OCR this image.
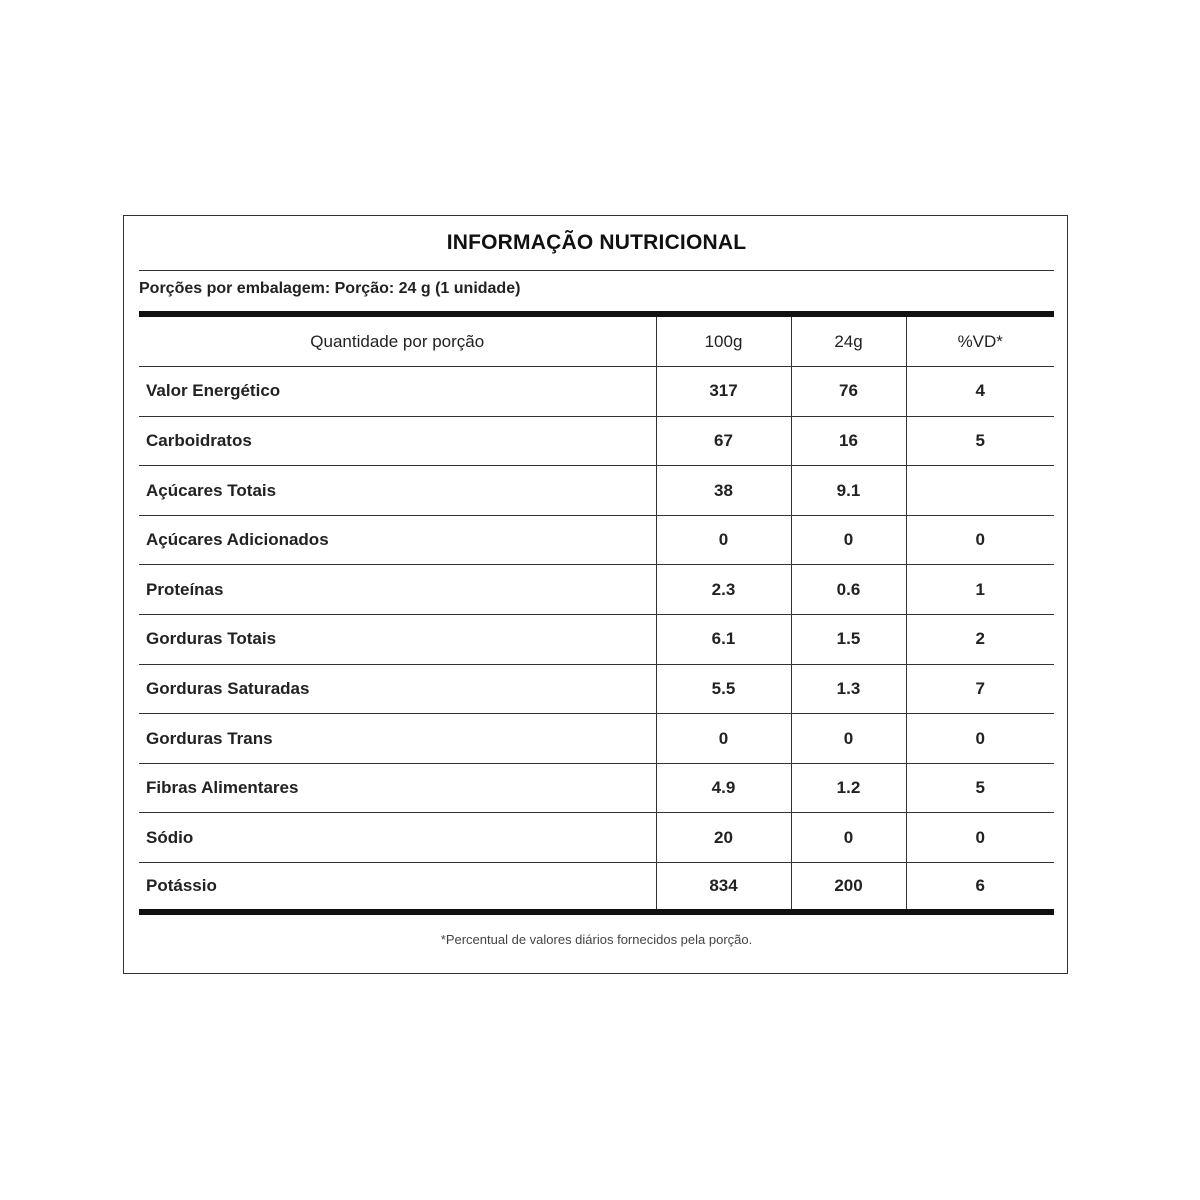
INFORMAÇÃO NUTRICIONAL
Porções por embalagem: Porção: 24 g (1 unidade)
Quantidade por porção	100g	24g	%VD*
Valor Energético	317	76	4
Carboidratos	67	16	5
Açúcares Totais	38	9.1	
Açúcares Adicionados	0	0	0
Proteínas	2.3	0.6	1
Gorduras Totais	6.1	1.5	2
Gorduras Saturadas	5.5	1.3	7
Gorduras Trans	0	0	0
Fibras Alimentares	4.9	1.2	5
Sódio	20	0	0
Potássio	834	200	6
*Percentual de valores diários fornecidos pela porção.
